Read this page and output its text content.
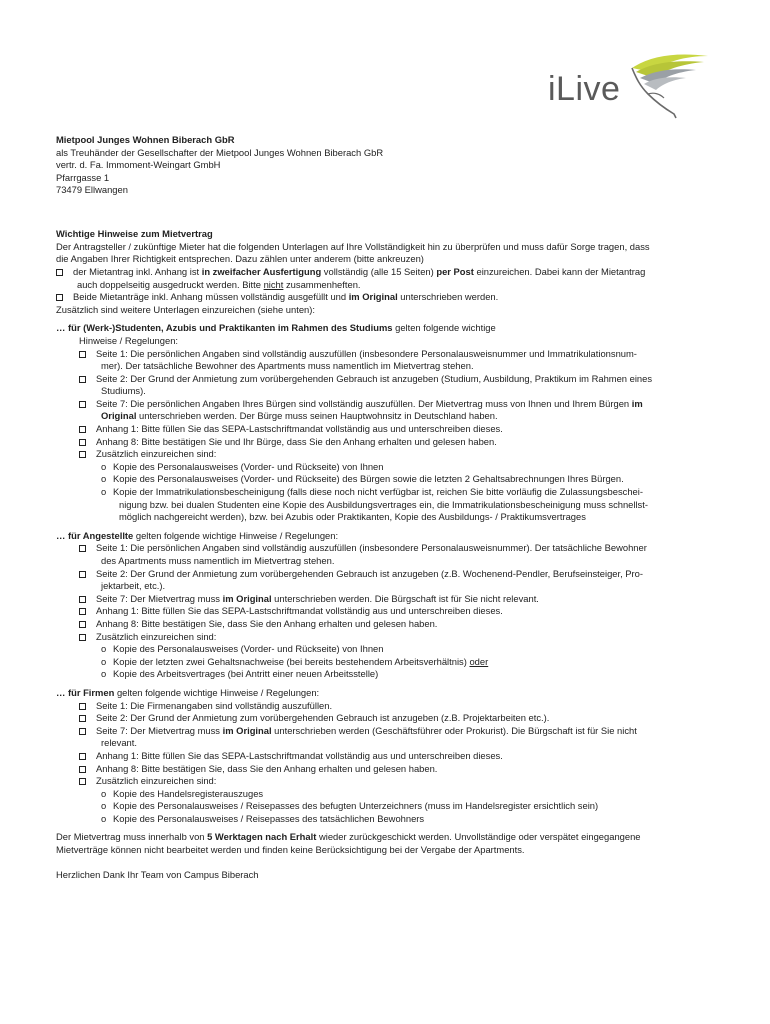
iLive
Mietpool Junges Wohnen Biberach GbR
als Treuhänder der Gesellschafter der Mietpool Junges Wohnen Biberach GbR
vertr. d. Fa. Immoment-Weingart GmbH
Pfarrgasse 1
73479 Ellwangen
Wichtige Hinweise zum Mietvertrag
Der Antragsteller / zukünftige Mieter hat die folgenden Unterlagen auf Ihre Vollständigkeit hin zu überprüfen und muss dafür Sorge tragen, dass
die Angaben Ihrer Richtigkeit entsprechen. Dazu zählen unter anderem (bitte ankreuzen)
der Mietantrag inkl. Anhang ist in zweifacher Ausfertigung vollständig (alle 15 Seiten) per Post einzureichen. Dabei kann der Mietantrag
auch doppelseitig ausgedruckt werden. Bitte nicht zusammenheften.
Beide Mietanträge inkl. Anhang müssen vollständig ausgefüllt und im Original unterschrieben werden.
Zusätzlich sind weitere Unterlagen einzureichen (siehe unten):
… für (Werk-)Studenten, Azubis und Praktikanten im Rahmen des Studiums gelten folgende wichtige
Hinweise / Regelungen:
Seite 1: Die persönlichen Angaben sind vollständig auszufüllen (insbesondere Personalausweisnummer und Immatrikulationsnum-
mer). Der tatsächliche Bewohner des Apartments muss namentlich im Mietvertrag stehen.
Seite 2: Der Grund der Anmietung zum vorübergehenden Gebrauch ist anzugeben (Studium, Ausbildung, Praktikum im Rahmen eines
Studiums).
Seite 7: Die persönlichen Angaben Ihres Bürgen sind vollständig auszufüllen. Der Mietvertrag muss von Ihnen und Ihrem Bürgen im
Original unterschrieben werden. Der Bürge muss seinen Hauptwohnsitz in Deutschland haben.
Anhang 1: Bitte füllen Sie das SEPA-Lastschriftmandat vollständig aus und unterschreiben dieses.
Anhang 8: Bitte bestätigen Sie und Ihr Bürge, dass Sie den Anhang erhalten und gelesen haben.
Zusätzlich einzureichen sind:
o Kopie des Personalausweises (Vorder- und Rückseite) von Ihnen
o Kopie des Personalausweises (Vorder- und Rückseite) des Bürgen sowie die letzten 2 Gehaltsabrechnungen Ihres Bürgen.
o Kopie der Immatrikulationsbescheinigung (falls diese noch nicht verfügbar ist, reichen Sie bitte vorläufig die Zulassungsbeschei-
nigung bzw. bei dualen Studenten eine Kopie des Ausbildungsvertrages ein, die Immatrikulationsbescheinigung muss schnellst-
möglich nachgereicht werden), bzw. bei Azubis oder Praktikanten, Kopie des Ausbildungs- / Praktikumsvertrages
… für Angestellte gelten folgende wichtige Hinweise / Regelungen:
Seite 1: Die persönlichen Angaben sind vollständig auszufüllen (insbesondere Personalausweisnummer). Der tatsächliche Bewohner
des Apartments muss namentlich im Mietvertrag stehen.
Seite 2: Der Grund der Anmietung zum vorübergehenden Gebrauch ist anzugeben (z.B. Wochenend-Pendler, Berufseinsteiger, Pro-
jektarbeit, etc.).
Seite 7: Der Mietvertrag muss im Original unterschrieben werden. Die Bürgschaft ist für Sie nicht relevant.
Anhang 1: Bitte füllen Sie das SEPA-Lastschriftmandat vollständig aus und unterschreiben dieses.
Anhang 8: Bitte bestätigen Sie, dass Sie den Anhang erhalten und gelesen haben.
Zusätzlich einzureichen sind:
o Kopie des Personalausweises (Vorder- und Rückseite) von Ihnen
o Kopie der letzten zwei Gehaltsnachweise (bei bereits bestehendem Arbeitsverhältnis) oder
o Kopie des Arbeitsvertrages (bei Antritt einer neuen Arbeitsstelle)
… für Firmen gelten folgende wichtige Hinweise / Regelungen:
Seite 1: Die Firmenangaben sind vollständig auszufüllen.
Seite 2: Der Grund der Anmietung zum vorübergehenden Gebrauch ist anzugeben (z.B. Projektarbeiten etc.).
Seite 7: Der Mietvertrag muss im Original unterschrieben werden (Geschäftsführer oder Prokurist). Die Bürgschaft ist für Sie nicht
relevant.
Anhang 1: Bitte füllen Sie das SEPA-Lastschriftmandat vollständig aus und unterschreiben dieses.
Anhang 8: Bitte bestätigen Sie, dass Sie den Anhang erhalten und gelesen haben.
Zusätzlich einzureichen sind:
o Kopie des Handelsregisterauszuges
o Kopie des Personalausweises / Reisepasses des befugten Unterzeichners (muss im Handelsregister ersichtlich sein)
o Kopie des Personalausweises / Reisepasses des tatsächlichen Bewohners
Der Mietvertrag muss innerhalb von 5 Werktagen nach Erhalt wieder zurückgeschickt werden. Unvollständige oder verspätet eingegangene
Mietverträge können nicht bearbeitet werden und finden keine Berücksichtigung bei der Vergabe der Apartments.
Herzlichen Dank Ihr Team von Campus Biberach
